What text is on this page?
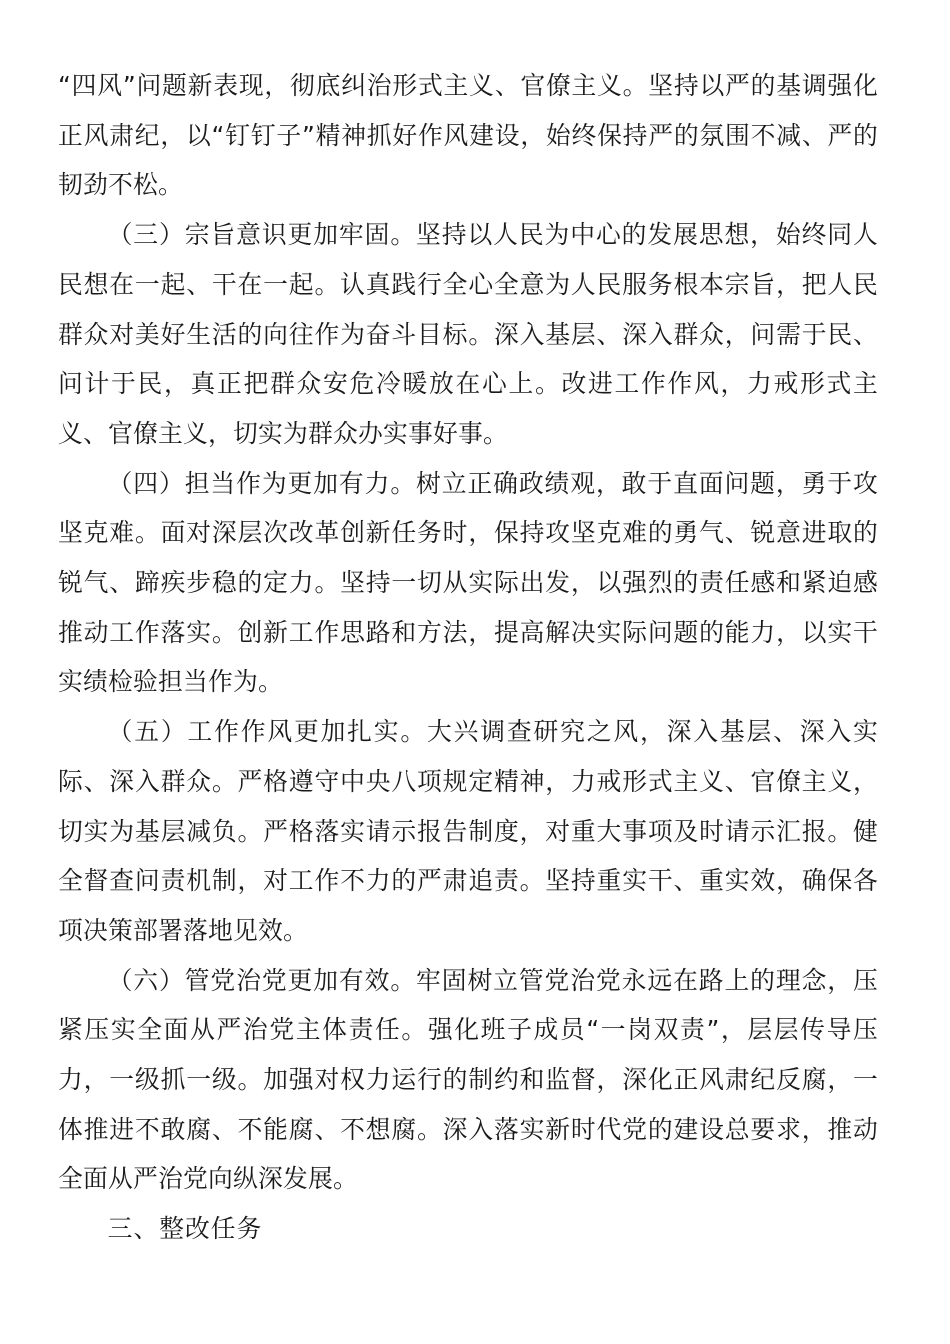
“四风”问题新表现，彻底纠治形式主义、官僚主义。坚持以严的基调强化正风肃纪，以“钉钉子”精神抓好作风建设，始终保持严的氛围不减、严的韧劲不松。

（三）宗旨意识更加牢固。坚持以人民为中心的发展思想，始终同人民想在一起、干在一起。认真践行全心全意为人民服务根本宗旨，把人民群众对美好生活的向往作为奋斗目标。深入基层、深入群众，问需于民、问计于民，真正把群众安危冷暖放在心上。改进工作作风，力戒形式主义、官僚主义，切实为群众办实事好事。

（四）担当作为更加有力。树立正确政绩观，敢于直面问题，勇于攻坚克难。面对深层次改革创新任务时，保持攻坚克难的勇气、锐意进取的锐气、蹄疾步稳的定力。坚持一切从实际出发，以强烈的责任感和紧迫感推动工作落实。创新工作思路和方法，提高解决实际问题的能力，以实干实绩检验担当作为。

（五）工作作风更加扎实。大兴调查研究之风，深入基层、深入实际、深入群众。严格遵守中央八项规定精神，力戒形式主义、官僚主义，切实为基层减负。严格落实请示报告制度，对重大事项及时请示汇报。健全督查问责机制，对工作不力的严肃追责。坚持重实干、重实效，确保各项决策部署落地见效。

（六）管党治党更加有效。牢固树立管党治党永远在路上的理念，压紧压实全面从严治党主体责任。强化班子成员“一岗双责”，层层传导压力，一级抓一级。加强对权力运行的制约和监督，深化正风肃纪反腐，一体推进不敢腐、不能腐、不想腐。深入落实新时代党的建设总要求，推动全面从严治党向纵深发展。

三、整改任务
